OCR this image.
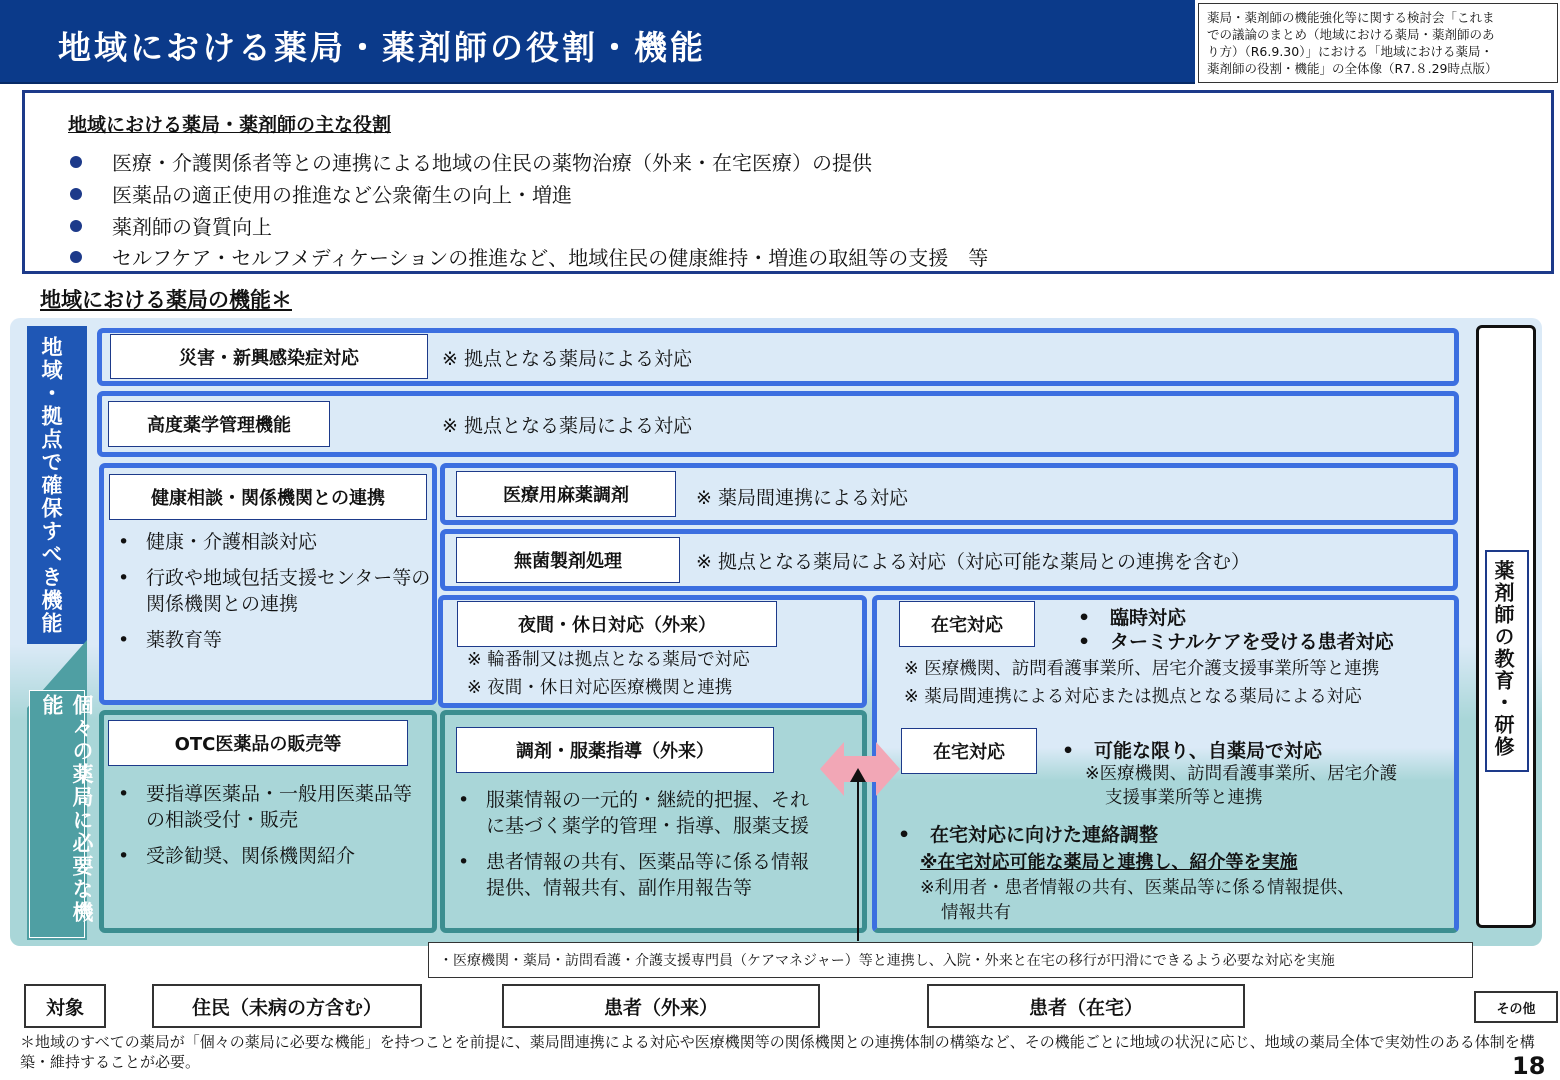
地域における薬局・薬剤師の役割・機能
薬局・薬剤師の機能強化等に関する検討会「これま
での議論のまとめ（地域における薬局・薬剤師のあ
り方）（R6.9.30）」における「地域における薬局・
薬剤師の役割・機能」の全体像（R7.８.29時点版）
地域における薬局・薬剤師の主な役割
医療・介護関係者等との連携による地域の住民の薬物治療（外来・在宅医療）の提供
医薬品の適正使用の推進など公衆衛生の向上・増進
薬剤師の資質向上
セルフケア・セルフメディケーションの推進など、地域住民の健康維持・増進の取組等の支援　等
地域における薬局の機能＊
地域・拠点で確保すべき機能
個々の薬局に必要な機能
災害・新興感染症対応	※ 拠点となる薬局による対応
高度薬学管理機能	※ 拠点となる薬局による対応
健康相談・関係機関との連携
• 健康・介護相談対応
• 行政や地域包括支援センター等の関係機関との連携
• 薬教育等
医療用麻薬調剤	※ 薬局間連携による対応
無菌製剤処理	※ 拠点となる薬局による対応（対応可能な薬局との連携を含む）
夜間・休日対応（外来）
※ 輪番制又は拠点となる薬局で対応
※ 夜間・休日対応医療機関と連携
在宅対応	•   臨時対応
•   ターミナルケアを受ける患者対応
※ 医療機関、訪問看護事業所、居宅介護支援事業所等と連携
※ 薬局間連携による対応または拠点となる薬局による対応
在宅対応	•   可能な限り、自薬局で対応
※医療機関、訪問看護事業所、居宅介護
支援事業所等と連携
•   在宅対応に向けた連絡調整
※在宅対応可能な薬局と連携し、紹介等を実施
※利用者・患者情報の共有、医薬品等に係る情報提供、
情報共有
OTC医薬品の販売等
• 要指導医薬品・一般用医薬品等の相談受付・販売
• 受診勧奨、関係機関紹介
調剤・服薬指導（外来）
• 服薬情報の一元的・継続的把握、それに基づく薬学的管理・指導、服薬支援
• 患者情報の共有、医薬品等に係る情報提供、情報共有、副作用報告等
薬剤師の教育・研修
・医療機関・薬局・訪問看護・介護支援専門員（ケアマネジャー）等と連携し、入院・外来と在宅の移行が円滑にできるよう必要な対応を実施
対象	住民（未病の方含む）	患者（外来）	患者（在宅）	その他
＊地域のすべての薬局が「個々の薬局に必要な機能」を持つことを前提に、薬局間連携による対応や医療機関等の関係機関との連携体制の構築など、その機能ごとに地域の状況に応じ、地域の薬局全体で実効性のある体制を構築・維持することが必要。	18
